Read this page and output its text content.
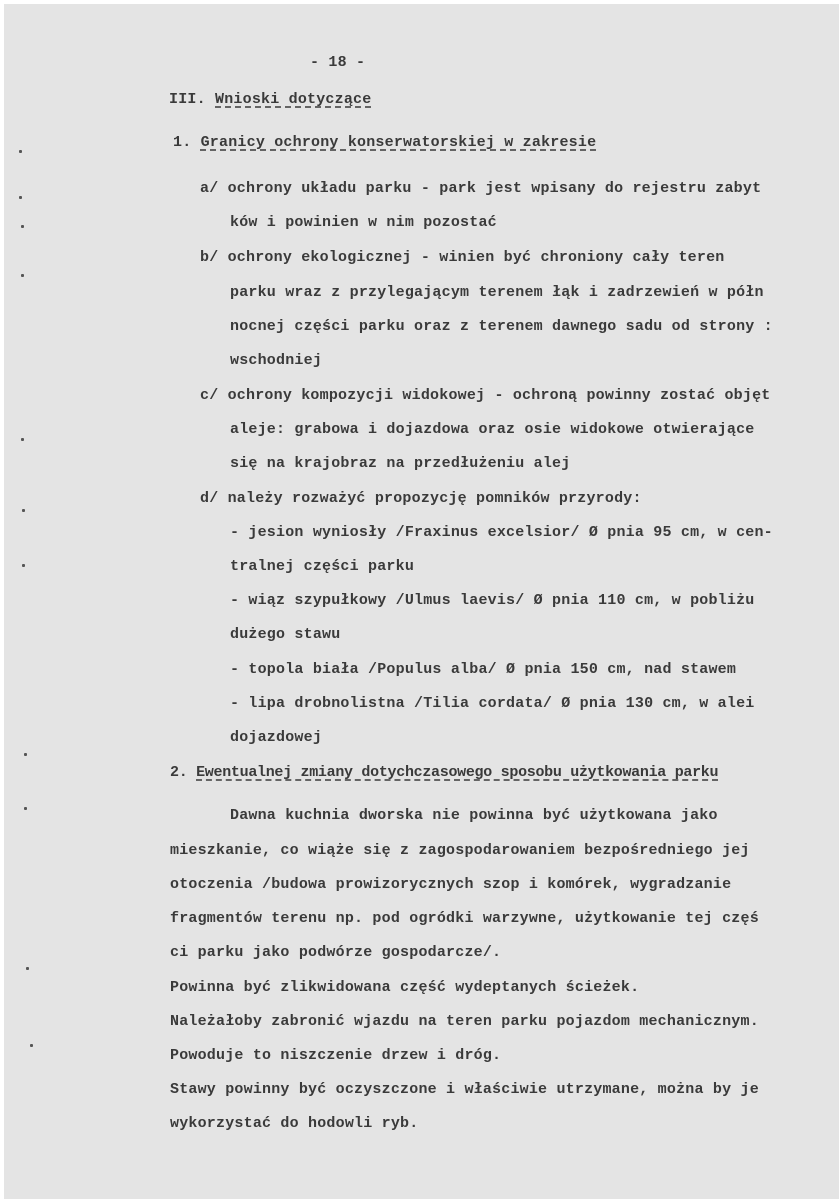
- 18 -
III. Wnioski dotyczące
1. Granicy ochrony konserwatorskiej w zakresie
a/ ochrony układu parku - park jest wpisany do rejestru zabyt
ków i powinien w nim pozostać
b/ ochrony ekologicznej - winien być chroniony cały teren
parku wraz z przylegającym terenem łąk i zadrzewień w półn
nocnej części parku oraz z terenem dawnego sadu od strony :
wschodniej
c/ ochrony kompozycji widokowej - ochroną powinny zostać objęt
aleje: grabowa i dojazdowa oraz osie widokowe otwierające
się na krajobraz na przedłużeniu alej
d/ należy rozważyć propozycję pomników przyrody:
- jesion wyniosły /Fraxinus excelsior/ Ø pnia 95 cm, w cen-
tralnej części parku
- wiąz szypułkowy /Ulmus laevis/ Ø pnia 110 cm, w pobliżu
dużego stawu
- topola biała /Populus alba/ Ø pnia 150 cm, nad stawem
- lipa drobnolistna /Tilia cordata/ Ø pnia 130 cm, w alei
dojazdowej
2. Ewentualnej zmiany dotychczasowego sposobu użytkowania parku
Dawna kuchnia dworska nie powinna być użytkowana jako
mieszkanie, co wiąże się z zagospodarowaniem bezpośredniego jej
otoczenia /budowa prowizorycznych szop i komórek, wygradzanie
fragmentów terenu np. pod ogródki warzywne, użytkowanie tej częś
ci parku jako podwórze gospodarcze/.
Powinna być zlikwidowana część wydeptanych ścieżek.
Należałoby zabronić wjazdu na teren parku pojazdom mechanicznym.
Powoduje to niszczenie drzew i dróg.
Stawy powinny być oczyszczone i właściwie utrzymane, można by je
wykorzystać do hodowli ryb.
